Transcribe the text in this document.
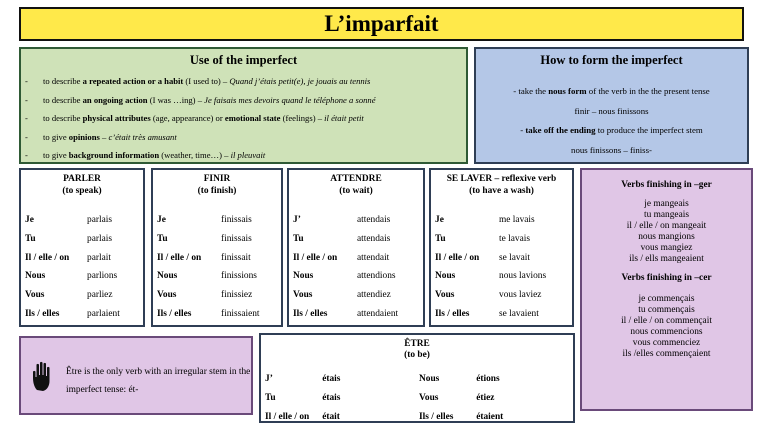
L’imparfait
Use of the imperfect
- to describe a repeated action or a habit (I used to) – Quand j’étais petit(e), je jouais au tennis
- to describe an ongoing action (I was …ing) – Je faisais mes devoirs quand le téléphone a sonné
- to describe physical attributes (age, appearance) or emotional state (feelings) – il était petit
- to give opinions – c’était très amusant
- to give background information (weather, time…) – il pleuvait
How to form the imperfect

- take the nous form of the verb in the the present tense

finir – nous finissons

- take off the ending to produce the imperfect stem

nous finissons – finiss-

PARLER
(to speak)
Je	parlais
Tu	parlais
Il / elle / on	parlait
Nous	parlions
Vous	parliez
Ils / elles	parlaient
FINIR
(to finish)
Je	finissais
Tu	finissais
Il / elle / on	finissait
Nous	finissions
Vous	finissiez
Ils / elles	finissaient
ATTENDRE
(to wait)
J’	attendais
Tu	attendais
Il / elle / on	attendait
Nous	attendions
Vous	attendiez
Ils / elles	attendaient
SE LAVER – reflexive verb
(to have a wash)
Je	me lavais
Tu	te lavais
Il / elle / on	se lavait
Nous	nous lavions
Vous	vous laviez
Ils / elles	se lavaient
Verbs finishing in –ger
je mangeais
tu mangeais
il / elle / on mangeait
nous mangions
vous mangiez
ils / ells mangeaient
Verbs finishing in –cer
je commençais
tu commençais
il / elle / on commençait
nous commencions
vous commenciez
ils /elles commençaient
Être is the only verb with an irregular stem in the imperfect tense: ét-
ÊTRE
(to be)
J’	étais	Nous	étions
Tu	étais	Vous	étiez
Il / elle / on	était	Ils / elles	étaient
